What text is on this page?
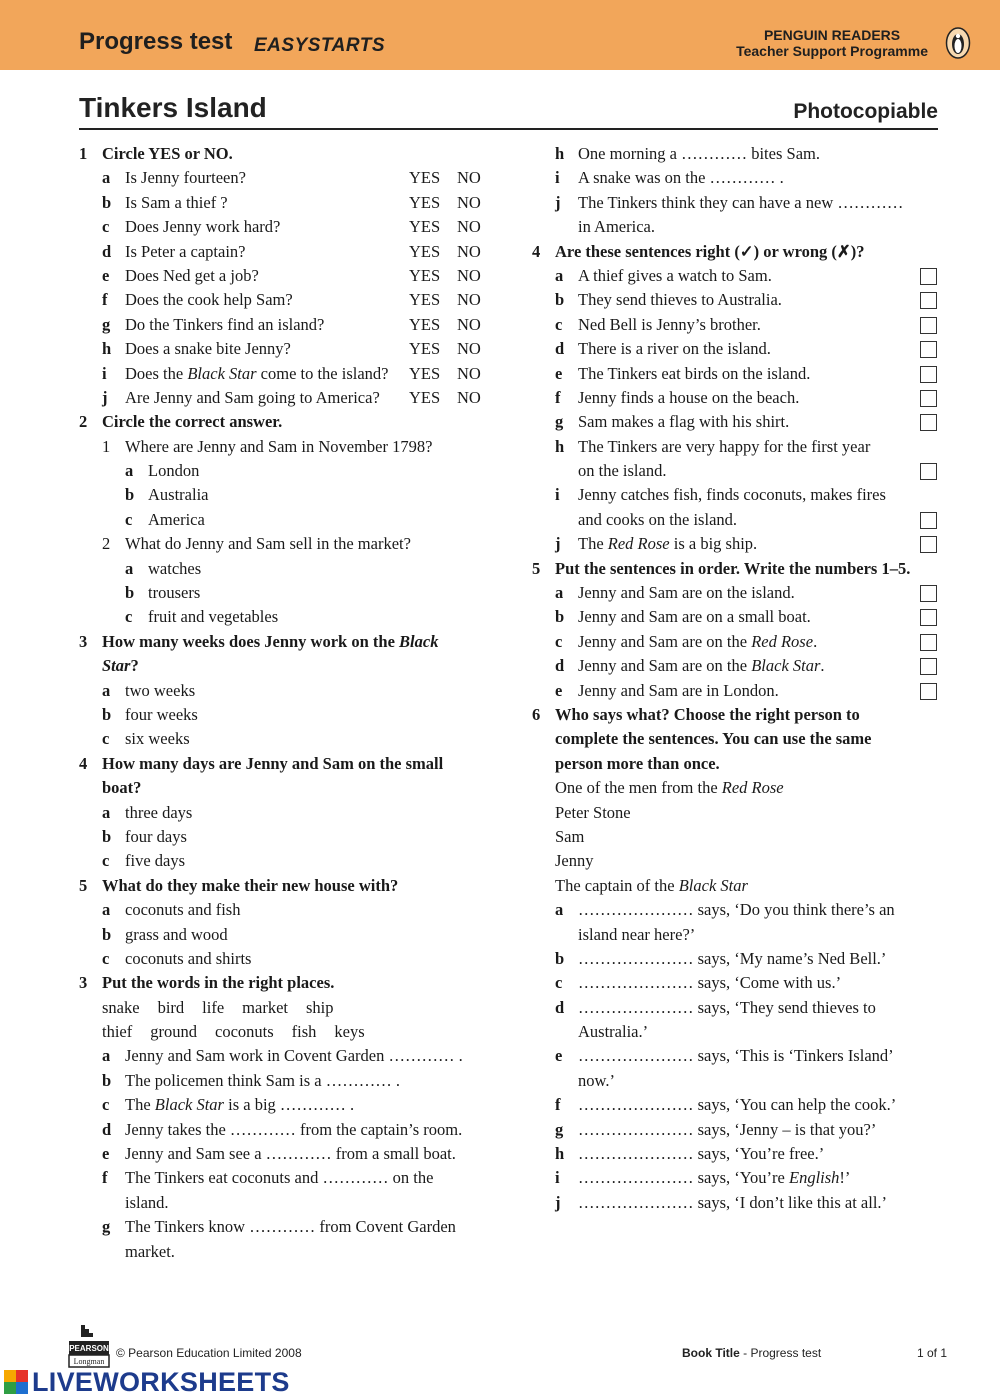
Progress test EASYSTARTS	PENGUIN READERS
Teacher Support Programme
Tinkers Island	Photocopiable
1 Circle YES or NO.
a Is Jenny fourteen?	YES NO
b Is Sam a thief ?	YES NO
c Does Jenny work hard?	YES NO
d Is Peter a captain?	YES NO
e Does Ned get a job?	YES NO
f Does the cook help Sam?	YES NO
g Do the Tinkers find an island?	YES NO
h Does a snake bite Jenny?	YES NO
i Does the Black Star come to the island? YES NO
j Are Jenny and Sam going to America? YES NO
2 Circle the correct answer.
1 Where are Jenny and Sam in November 1798?
a London
b Australia
c America
2 What do Jenny and Sam sell in the market?
a watches
b trousers
c fruit and vegetables
3 How many weeks does Jenny work on the Black
Star?
a two weeks
b four weeks
c six weeks
4 How many days are Jenny and Sam on the small
boat?
a three days
b four days
c five days
5 What do they make their new house with?
a coconuts and fish
b grass and wood
c coconuts and shirts
3 Put the words in the right places.
snake bird life market ship
thief ground coconuts fish keys
a Jenny and Sam work in Covent Garden ………… .
b The policemen think Sam is a ………… .
c The Black Star is a big ………… .
d Jenny takes the ………… from the captain’s room.
e Jenny and Sam see a ………… from a small boat.
f The Tinkers eat coconuts and ………… on the
island.
g The Tinkers know ………… from Covent Garden
market.
h One morning a ………… bites Sam.
i A snake was on the ………… .
j The Tinkers think they can have a new …………
in America.
4 Are these sentences right (✓) or wrong (✗)?
a A thief gives a watch to Sam.
b They send thieves to Australia.
c Ned Bell is Jenny’s brother.
d There is a river on the island.
e The Tinkers eat birds on the island.
f Jenny finds a house on the beach.
g Sam makes a flag with his shirt.
h The Tinkers are very happy for the first year
on the island.
i Jenny catches fish, finds coconuts, makes fires
and cooks on the island.
j The Red Rose is a big ship.
5 Put the sentences in order. Write the numbers 1–5.
a Jenny and Sam are on the island.
b Jenny and Sam are on a small boat.
c Jenny and Sam are on the Red Rose.
d Jenny and Sam are on the Black Star.
e Jenny and Sam are in London.
6 Who says what? Choose the right person to
complete the sentences. You can use the same
person more than once.
One of the men from the Red Rose
Peter Stone
Sam
Jenny
The captain of the Black Star
a ………………… says, ‘Do you think there’s an
island near here?’
b ………………… says, ‘My name’s Ned Bell.’
c ………………… says, ‘Come with us.’
d ………………… says, ‘They send thieves to
Australia.’
e ………………… says, ‘This is ‘Tinkers Island’
now.’
f ………………… says, ‘You can help the cook.’
g ………………… says, ‘Jenny – is that you?’
h ………………… says, ‘You’re free.’
i ………………… says, ‘You’re English!’
j ………………… says, ‘I don’t like this at all.’
PEARSON
Longman
© Pearson Education Limited 2008	Book Title - Progress test	1 of 1
LIVEWORKSHEETS
